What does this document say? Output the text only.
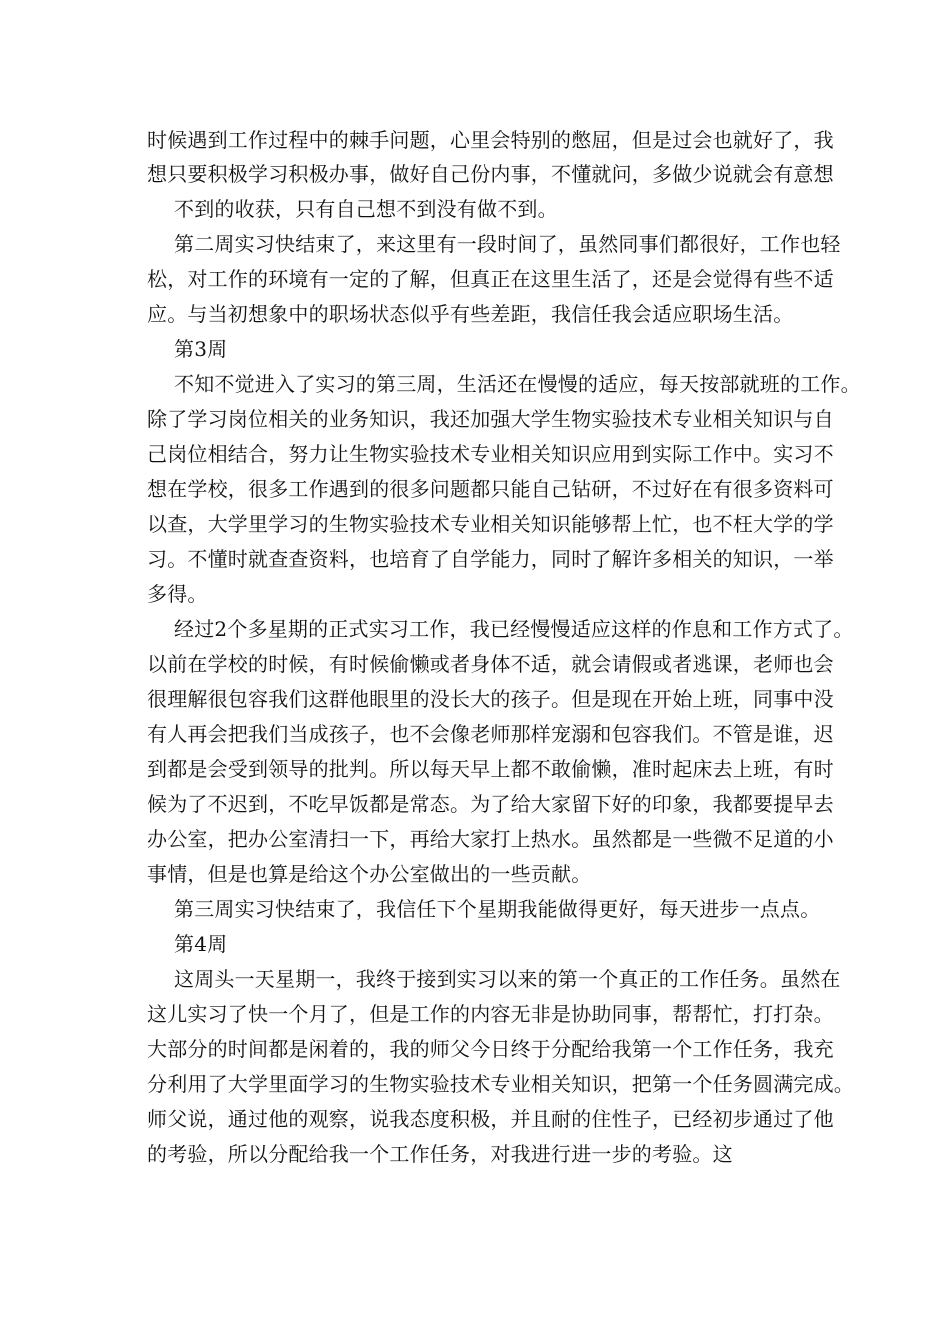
时候遇到工作过程中的棘手问题，心里会特别的憋屈，但是过会也就好了，我
想只要积极学习积极办事，做好自己份内事，不懂就问，多做少说就会有意想
不到的收获，只有自己想不到没有做不到。
第二周实习快结束了，来这里有一段时间了，虽然同事们都很好，工作也轻
松，对工作的环境有一定的了解，但真正在这里生活了，还是会觉得有些不适
应。与当初想象中的职场状态似乎有些差距，我信任我会适应职场生活。
第3周
不知不觉进入了实习的第三周，生活还在慢慢的适应，每天按部就班的工作。
除了学习岗位相关的业务知识，我还加强大学生物实验技术专业相关知识与自
己岗位相结合，努力让生物实验技术专业相关知识应用到实际工作中。实习不
想在学校，很多工作遇到的很多问题都只能自己钻研，不过好在有很多资料可
以查，大学里学习的生物实验技术专业相关知识能够帮上忙，也不枉大学的学
习。不懂时就查查资料，也培育了自学能力，同时了解许多相关的知识，一举
多得。
经过2个多星期的正式实习工作，我已经慢慢适应这样的作息和工作方式了。
以前在学校的时候，有时候偷懒或者身体不适，就会请假或者逃课，老师也会
很理解很包容我们这群他眼里的没长大的孩子。但是现在开始上班，同事中没
有人再会把我们当成孩子，也不会像老师那样宠溺和包容我们。不管是谁，迟
到都是会受到领导的批判。所以每天早上都不敢偷懒，准时起床去上班，有时
候为了不迟到，不吃早饭都是常态。为了给大家留下好的印象，我都要提早去
办公室，把办公室清扫一下，再给大家打上热水。虽然都是一些微不足道的小
事情，但是也算是给这个办公室做出的一些贡献。
第三周实习快结束了，我信任下个星期我能做得更好，每天进步一点点。
第4周
这周头一天星期一，我终于接到实习以来的第一个真正的工作任务。虽然在
这儿实习了快一个月了，但是工作的内容无非是协助同事，帮帮忙，打打杂。
大部分的时间都是闲着的，我的师父今日终于分配给我第一个工作任务，我充
分利用了大学里面学习的生物实验技术专业相关知识，把第一个任务圆满完成。
师父说，通过他的观察，说我态度积极，并且耐的住性子，已经初步通过了他
的考验，所以分配给我一个工作任务，对我进行进一步的考验。这
